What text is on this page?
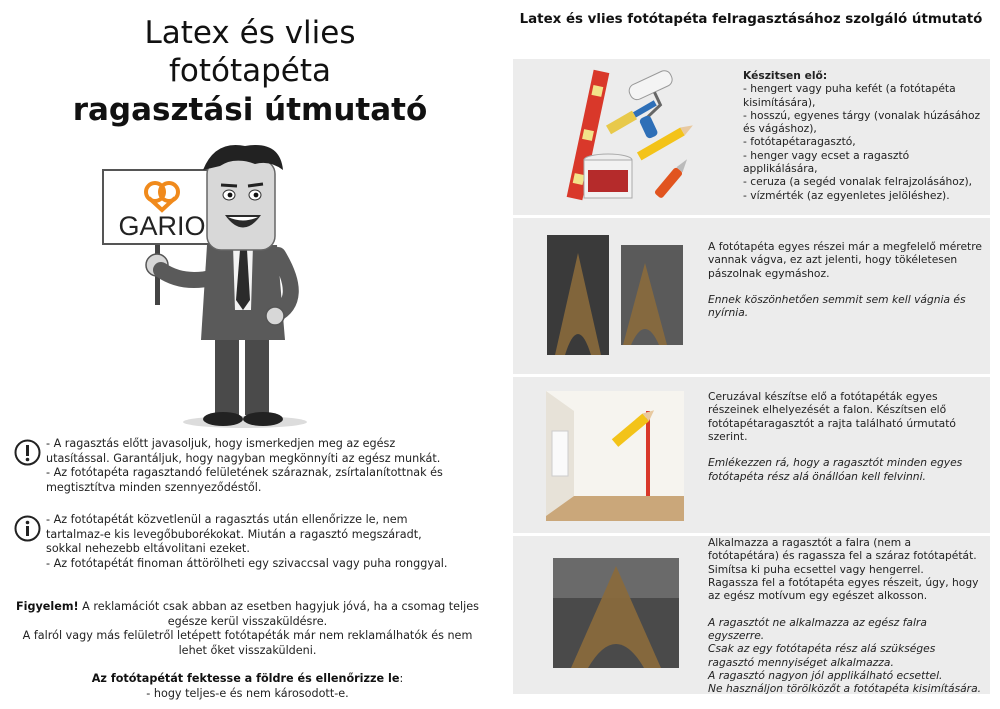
Latex és vlies
fotótapéta
ragasztási útmutató
GARIO
- A ragasztás előtt javasoljuk, hogy ismerkedjen meg az egész
utasítással. Garantáljuk, hogy nagyban megkönnyíti az egész munkát.
- Az fotótapéta ragasztandó felületének száraznak, zsírtalanítottnak és
megtisztítva minden szennyeződéstől.
- Az fotótapétát közvetlenül a ragasztás után ellenőrizze le, nem
tartalmaz-e kis levegőbuborékokat. Miután a ragasztó megszáradt,
sokkal nehezebb eltávolitani ezeket.
- Az fotótapétát finoman áttörölheti egy szivaccsal vagy puha ronggyal.
Figyelem! A reklamációt csak abban az esetben hagyjuk jóvá, ha a csomag teljes
egésze kerül visszaküldésre.
A falról vagy más felületről letépett fotótapéták már nem reklamálhatók és nem
lehet őket visszaküldeni.
Az fotótapétát fektesse a földre és ellenőrizze le:
- hogy teljes-e és nem károsodott-e.
Latex és vlies fotótapéta felragasztásához szolgáló útmutató
Készitsen elő:
- hengert vagy puha kefét (a fotótapéta
kisimítására),
- hosszú, egyenes tárgy (vonalak húzásához
és vágáshoz),
- fotótapétaragasztó,
- henger vagy ecset a ragasztó
applikálására,
- ceruza (a segéd vonalak felrajzolásához),
- vízmérték (az egyenletes jelöléshez).
A fotótapéta egyes részei már a megfelelő méretre
vannak vágva, ez azt jelenti, hogy tökéletesen
pászolnak egymáshoz.

Ennek köszönhetően semmit sem kell vágnia és
nyírnia.
Ceruzával készítse elő a fotótapéták egyes
részeinek elhelyezését a falon. Készítsen elő
fotótapétaragasztót a rajta található úrmutató
szerint.

Emlékezzen rá, hogy a ragasztót minden egyes
fotótapéta rész alá önállóan kell felvinni.
Alkalmazza a ragasztót a falra (nem a
fotótapétára) és ragassza fel a száraz fotótapétát.
Simítsa ki puha ecsettel vagy hengerrel.
Ragassza fel a fotótapéta egyes részeit, úgy, hogy
az egész motívum egy egészet alkosson.

A ragasztót ne alkalmazza az egész falra
egyszerre.
Csak az egy fotótapéta rész alá szükséges
ragasztó mennyiséget alkalmazza.
A ragasztó nagyon jól applikálható ecsettel.
Ne használjon törölközőt a fotótapéta kisimítására.
